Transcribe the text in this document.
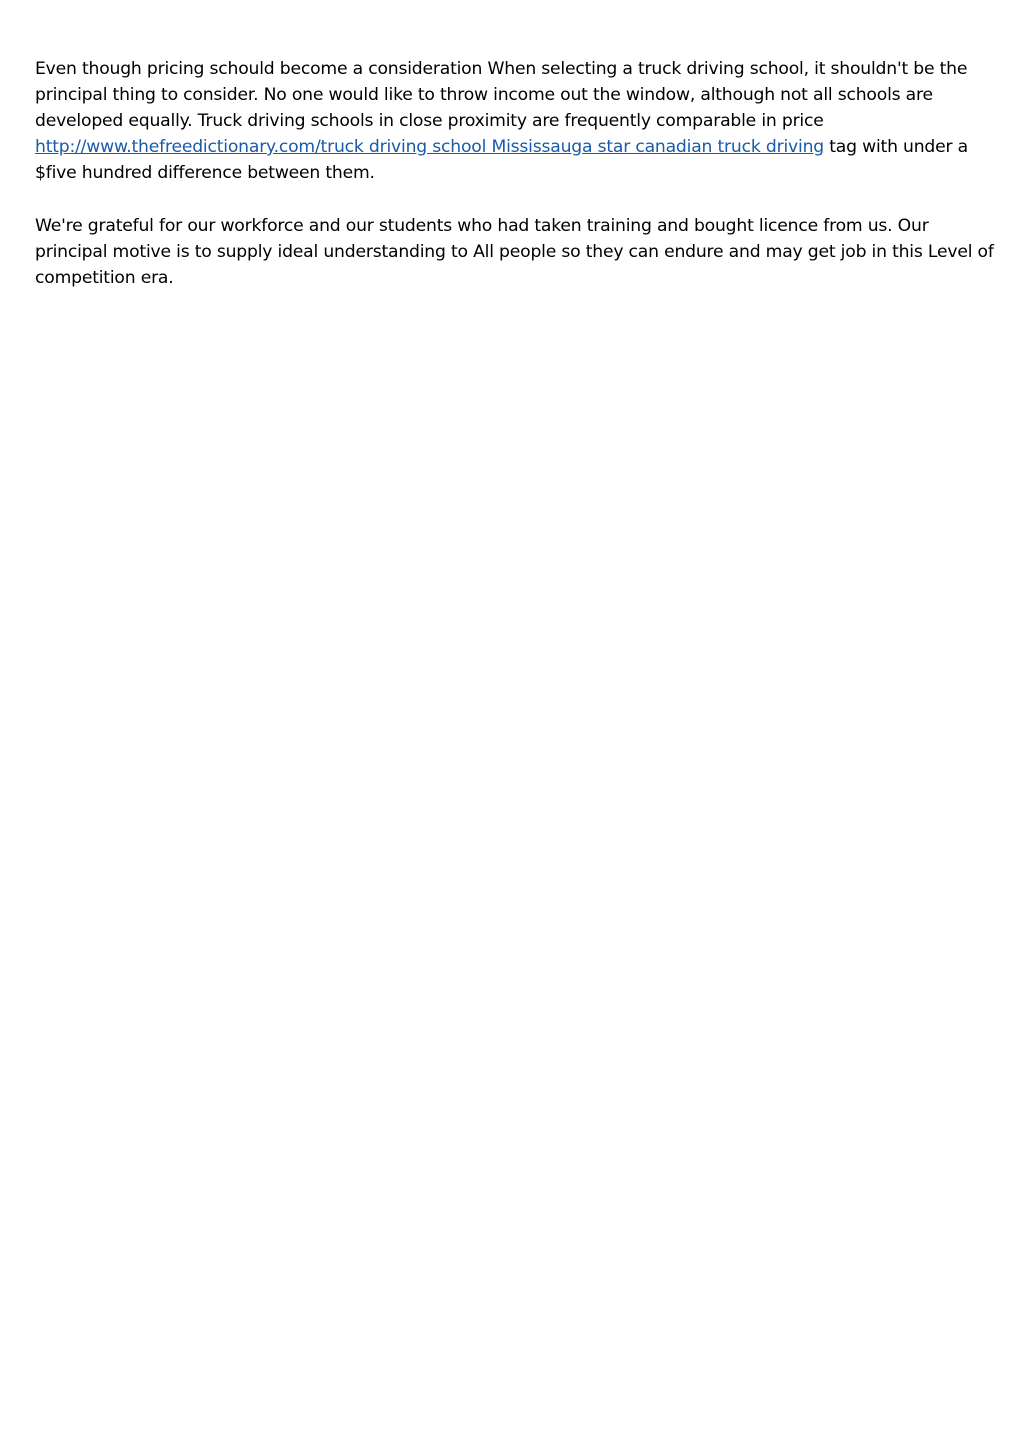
Even though pricing schould become a consideration When selecting a truck driving school, it shouldn't be the principal thing to consider. No one would like to throw income out the window, although not all schools are developed equally. Truck driving schools in close proximity are frequently comparable in price http://www.thefreedictionary.com/truck driving school Mississauga star canadian truck driving tag with under a $five hundred difference between them.

We're grateful for our workforce and our students who had taken training and bought licence from us. Our principal motive is to supply ideal understanding to All people so they can endure and may get job in this Level of competition era.
